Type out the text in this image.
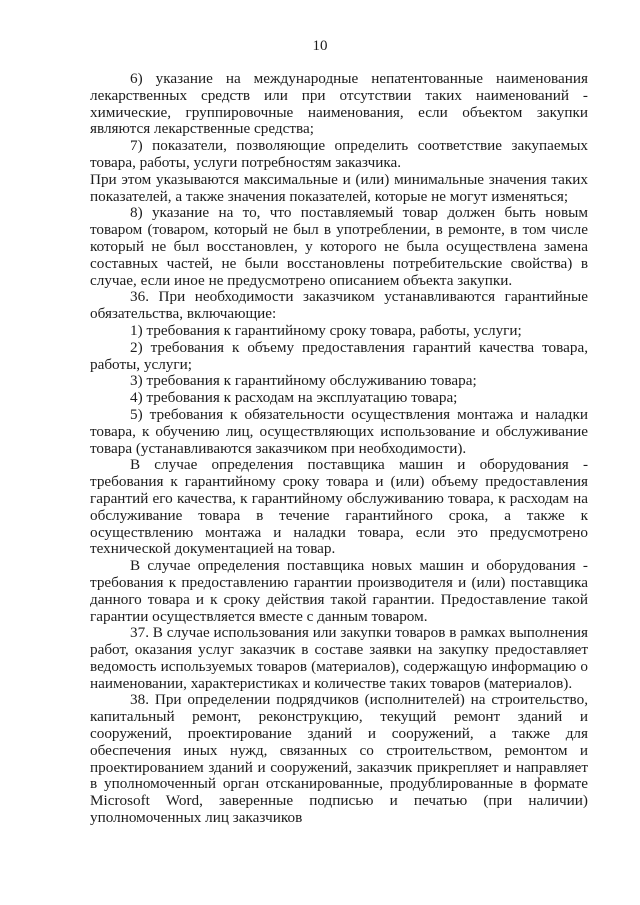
10

6) указание на международные непатентованные наименования лекарственных средств или при отсутствии таких наименований - химические, группировочные наименования, если объектом закупки являются лекарственные средства;

7) показатели, позволяющие определить соответствие закупаемых товара, работы, услуги потребностям заказчика.

При этом указываются максимальные и (или) минимальные значения таких показателей, а также значения показателей, которые не могут изменяться;

8) указание на то, что поставляемый товар должен быть новым товаром (товаром, который не был в употреблении, в ремонте, в том числе который не был восстановлен, у которого не была осуществлена замена составных частей, не были восстановлены потребительские свойства) в случае, если иное не предусмотрено описанием объекта закупки.

36. При необходимости заказчиком устанавливаются гарантийные обязательства, включающие:

1) требования к гарантийному сроку товара, работы, услуги;

2) требования к объему предоставления гарантий качества товара, работы, услуги;

3) требования к гарантийному обслуживанию товара;

4) требования к расходам на эксплуатацию товара;

5) требования к обязательности осуществления монтажа и наладки товара, к обучению лиц, осуществляющих использование и обслуживание товара (устанавливаются заказчиком при необходимости).

В случае определения поставщика машин и оборудования - требования к гарантийному сроку товара и (или) объему предоставления гарантий его качества, к гарантийному обслуживанию товара, к расходам на обслуживание товара в течение гарантийного срока, а также к осуществлению монтажа и наладки товара, если это предусмотрено технической документацией на товар.

В случае определения поставщика новых машин и оборудования - требования к предоставлению гарантии производителя и (или) поставщика данного товара и к сроку действия такой гарантии. Предоставление такой гарантии осуществляется вместе с данным товаром.

37. В случае использования или закупки товаров в рамках выполнения работ, оказания услуг заказчик в составе заявки на закупку предоставляет ведомость используемых товаров (материалов), содержащую информацию о наименовании, характеристиках и количестве таких товаров (материалов).

38. При определении подрядчиков (исполнителей) на строительство, капитальный ремонт, реконструкцию, текущий ремонт зданий и сооружений, проектирование зданий и сооружений, а также для обеспечения иных нужд, связанных со строительством, ремонтом и проектированием зданий и сооружений, заказчик прикрепляет и направляет в уполномоченный орган отсканированные, продублированные в формате Microsoft Word, заверенные подписью и печатью (при наличии) уполномоченных лиц заказчиков
